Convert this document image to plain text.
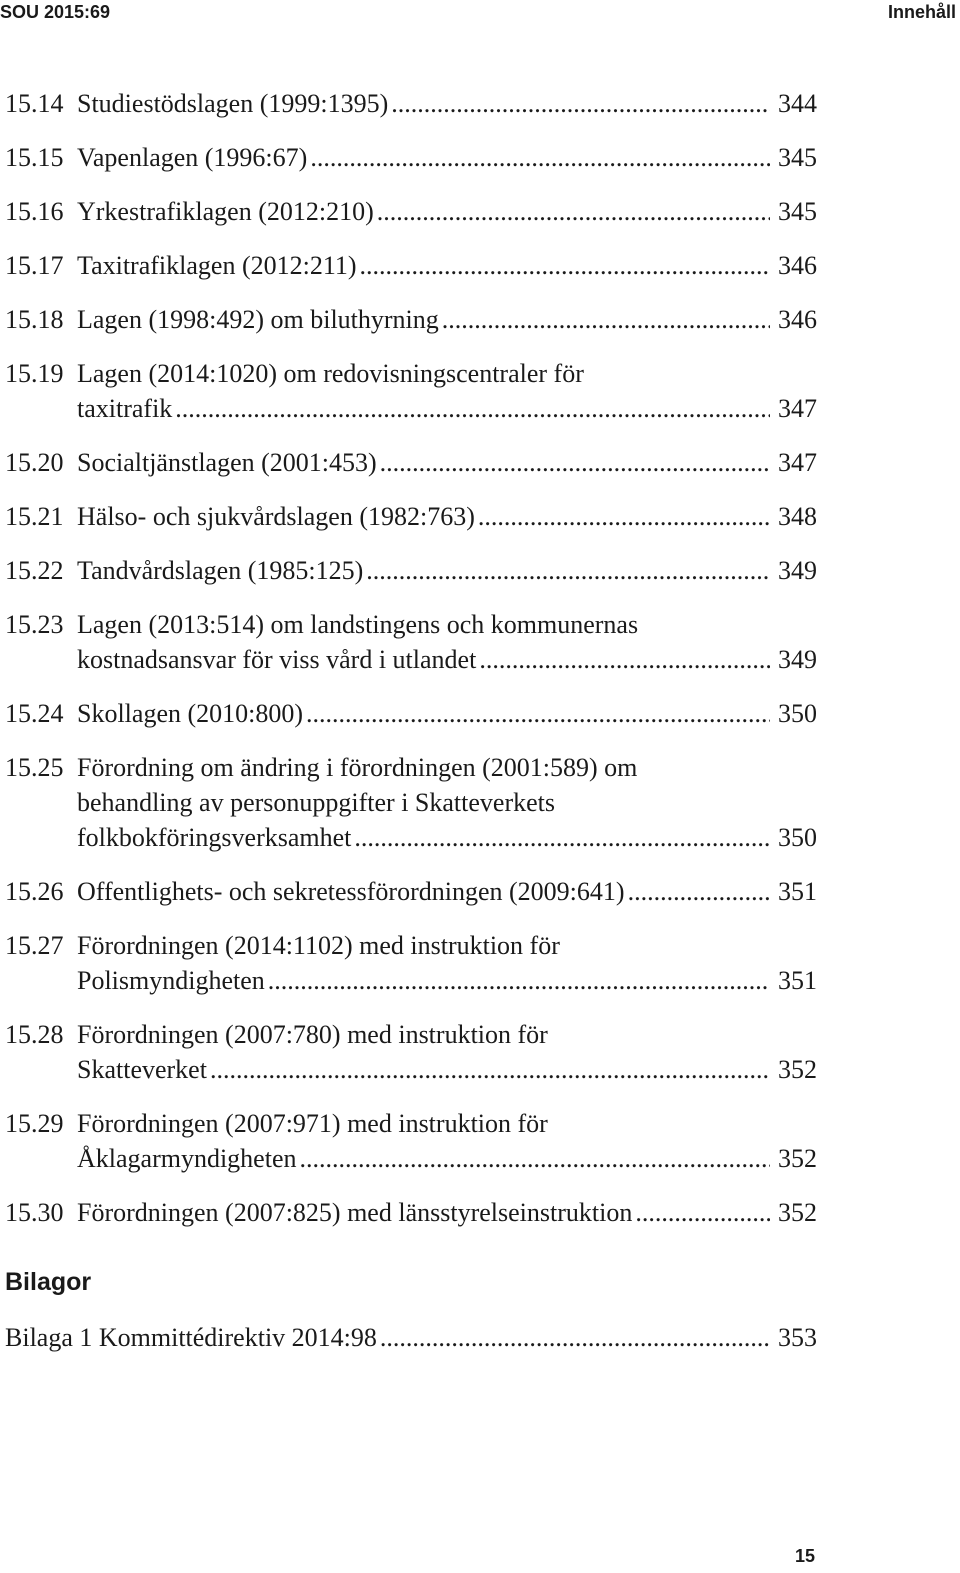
SOU 2015:69	Innehåll
15.14 Studiestödslagen (1999:1395) .....	344
15.15 Vapenlagen (1996:67) .....	345
15.16 Yrkestrafiklagen (2012:210) .....	345
15.17 Taxitrafiklagen (2012:211) .....	346
15.18 Lagen (1998:492) om biluthyrning .....	346
15.19 Lagen (2014:1020) om redovisningscentraler för
taxitrafik .....	347
15.20 Socialtjänstlagen (2001:453) .....	347
15.21 Hälso- och sjukvårdslagen (1982:763) .....	348
15.22 Tandvårdslagen (1985:125) .....	349
15.23 Lagen (2013:514) om landstingens och kommunernas
kostnadsansvar för viss vård i utlandet .....	349
15.24 Skollagen (2010:800) .....	350
15.25 Förordning om ändring i förordningen (2001:589) om
behandling av personuppgifter i Skatteverkets
folkbokföringsverksamhet .....	350
15.26 Offentlighets- och sekretessförordningen (2009:641) .....	351
15.27 Förordningen (2014:1102) med instruktion för
Polismyndigheten .....	351
15.28 Förordningen (2007:780) med instruktion för
Skatteverket .....	352
15.29 Förordningen (2007:971) med instruktion för
Åklagarmyndigheten .....	352
15.30 Förordningen (2007:825) med länsstyrelseinstruktion .....	352
Bilagor
Bilaga 1 Kommittédirektiv 2014:98 .....	353
15
